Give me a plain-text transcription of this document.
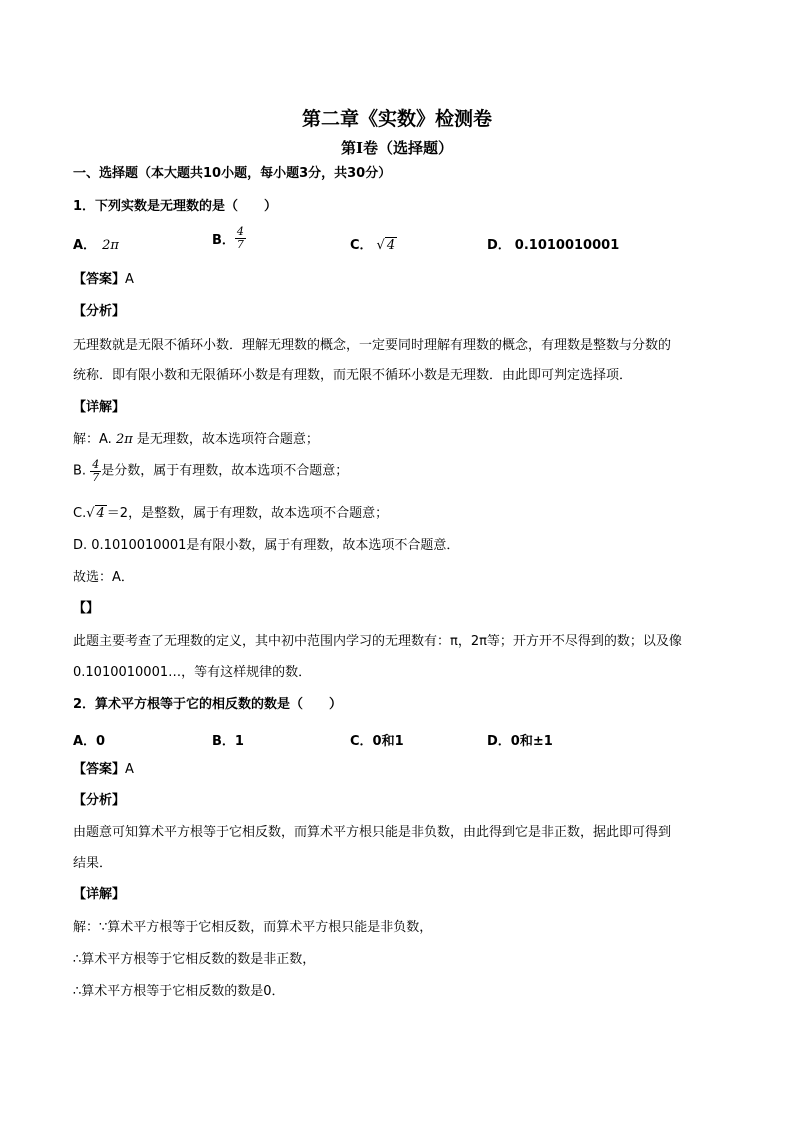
第二章《实数》检测卷
第I卷（选择题）
一、选择题（本大题共10小题，每小题3分，共30分）
1．下列实数是无理数的是（　　）
A． 2π	B． $\frac{4}{7}$	C． √ 4	D． 0.1010010001
【答案】A
【分析】
无理数就是无限不循环小数．理解无理数的概念，一定要同时理解有理数的概念，有理数是整数与分数的
统称．即有限小数和无限循环小数是有理数，而无限不循环小数是无理数．由此即可判定选择项．
【详解】
解：A. 2π 是无理数，故本选项符合题意；
B. $\frac{4}{7}$ 是分数，属于有理数，故本选项不合题意；
C.√ 4 ＝2，是整数，属于有理数，故本选项不合题意；
D. 0.1010010001是有限小数，属于有理数，故本选项不合题意．
故选：A．
【】
此题主要考查了无理数的定义，其中初中范围内学习的无理数有：π，2π等；开方开不尽得到的数；以及像
0.1010010001…，等有这样规律的数．
2．算术平方根等于它的相反数的数是（　　）
A．0	B．1	C．0和1	D．0和±1
【答案】A
【分析】
由题意可知算术平方根等于它相反数，而算术平方根只能是非负数，由此得到它是非正数，据此即可得到
结果．
【详解】
解：∵算术平方根等于它相反数，而算术平方根只能是非负数，
∴算术平方根等于它相反数的数是非正数，
∴算术平方根等于它相反数的数是0．
